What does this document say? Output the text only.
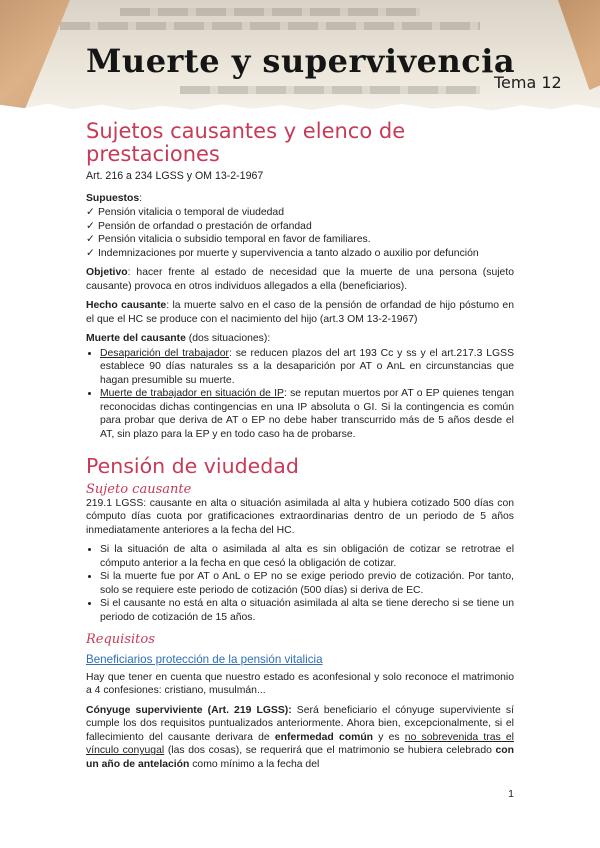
Muerte y supervivencia

Tema 12

Sujetos causantes y elenco de prestaciones

Art. 216 a 234 LGSS y OM 13-2-1967

Supuestos:

✓ Pensión vitalicia o temporal de viudedad
✓ Pensión de orfandad o prestación de orfandad
✓ Pensión vitalicia o subsidio temporal en favor de familiares.
✓ Indemnizaciones por muerte y supervivencia a tanto alzado o auxilio por defunción

Objetivo: hacer frente al estado de necesidad que la muerte de una persona (sujeto causante) provoca en otros individuos allegados a ella (beneficiarios).

Hecho causante: la muerte salvo en el caso de la pensión de orfandad de hijo póstumo en el que el HC se produce con el nacimiento del hijo (art.3 OM 13-2-1967)

Muerte del causante (dos situaciones):

• Desaparición del trabajador: se reducen plazos del art 193 Cc y ss y el art.217.3 LGSS establece 90 días naturales ss a la desaparición por AT o AnL en circunstancias que hagan presumible su muerte.
• Muerte de trabajador en situación de IP: se reputan muertos por AT o EP quienes tengan reconocidas dichas contingencias en una IP absoluta o GI. Si la contingencia es común para probar que deriva de AT o EP no debe haber transcurrido más de 5 años desde el AT, sin plazo para la EP y en todo caso ha de probarse.
Pensión de viudedad
Sujeto causante

219.1 LGSS: causante en alta o situación asimilada al alta y hubiera cotizado 500 días con cómputo días cuota por gratificaciones extraordinarias dentro de un periodo de 5 años inmediatamente anteriores a la fecha del HC.

• Si la situación de alta o asimilada al alta es sin obligación de cotizar se retrotrae el cómputo anterior a la fecha en que cesó la obligación de cotizar.
• Si la muerte fue por AT o AnL o EP no se exige periodo previo de cotización. Por tanto, solo se requiere este periodo de cotización (500 días) si deriva de EC.
• Si el causante no está en alta o situación asimilada al alta se tiene derecho si se tiene un periodo de cotización de 15 años.
Requisitos

Beneficiarios protección de la pensión vitalicia

Hay que tener en cuenta que nuestro estado es aconfesional y solo reconoce el matrimonio a 4 confesiones: cristiano, musulmán...

Cónyuge superviviente (Art. 219 LGSS): Será beneficiario el cónyuge superviviente sí cumple los dos requisitos puntualizados anteriormente. Ahora bien, excepcionalmente, si el fallecimiento del causante derivara de enfermedad común y es no sobrevenida tras el vínculo conyugal (las dos cosas), se requerirá que el matrimonio se hubiera celebrado con un año de antelación como mínimo a la fecha del

1
